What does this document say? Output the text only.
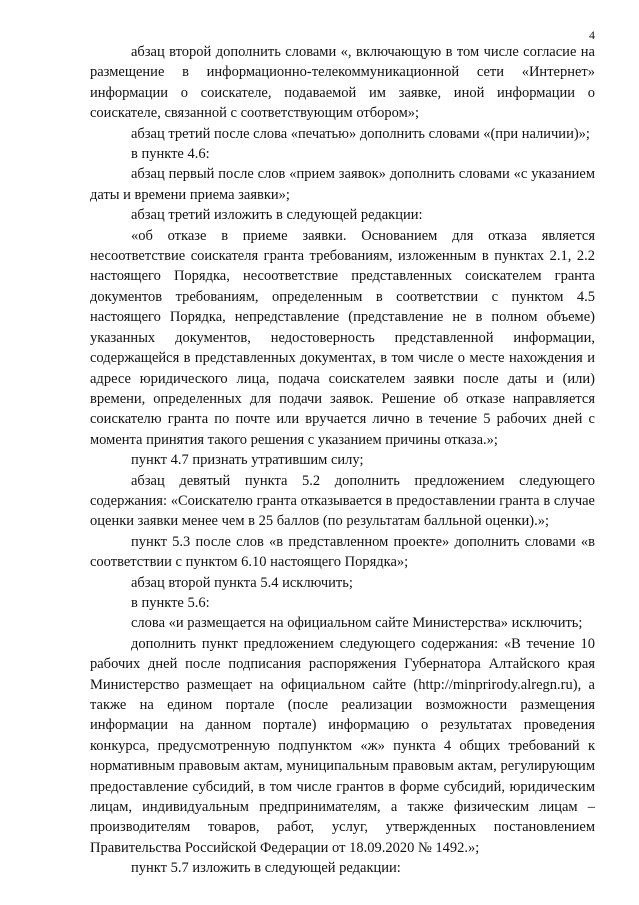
4

абзац второй дополнить словами «, включающую в том числе согласие на размещение в информационно-телекоммуникационной сети «Интернет» информации о соискателе, подаваемой им заявке, иной информации о соискателе, связанной с соответствующим отбором»;

абзац третий после слова «печатью» дополнить словами «(при наличии)»;

в пункте 4.6:

абзац первый после слов «прием заявок» дополнить словами «с указанием даты и времени приема заявки»;

абзац третий изложить в следующей редакции:

«об отказе в приеме заявки. Основанием для отказа является несоответствие соискателя гранта требованиям, изложенным в пунктах 2.1, 2.2 настоящего Порядка, несоответствие представленных соискателем гранта документов требованиям, определенным в соответствии с пунктом 4.5 настоящего Порядка, непредставление (представление не в полном объеме) указанных документов, недостоверность представленной информации, содержащейся в представленных документах, в том числе о месте нахождения и адресе юридического лица, подача соискателем заявки после даты и (или) времени, определенных для подачи заявок. Решение об отказе направляется соискателю гранта по почте или вручается лично в течение 5 рабочих дней с момента принятия такого решения с указанием причины отказа.»;

пункт 4.7 признать утратившим силу;

абзац девятый пункта 5.2 дополнить предложением следующего содержания: «Соискателю гранта отказывается в предоставлении гранта в случае оценки заявки менее чем в 25 баллов (по результатам балльной оценки).»;

пункт 5.3 после слов «в представленном проекте» дополнить словами «в соответствии с пунктом 6.10 настоящего Порядка»;

абзац второй пункта 5.4 исключить;

в пункте 5.6:

слова «и размещается на официальном сайте Министерства» исключить;

дополнить пункт предложением следующего содержания: «В течение 10 рабочих дней после подписания распоряжения Губернатора Алтайского края Министерство размещает на официальном сайте (http://minprirody.alregn.ru), а также на едином портале (после реализации возможности размещения информации на данном портале) информацию о результатах проведения конкурса, предусмотренную подпунктом «ж» пункта 4 общих требований к нормативным правовым актам, муниципальным правовым актам, регулирующим предоставление субсидий, в том числе грантов в форме субсидий, юридическим лицам, индивидуальным предпринимателям, а также физическим лицам – производителям товаров, работ, услуг, утвержденных постановлением Правительства Российской Федерации от 18.09.2020 № 1492.»;

пункт 5.7 изложить в следующей редакции:
